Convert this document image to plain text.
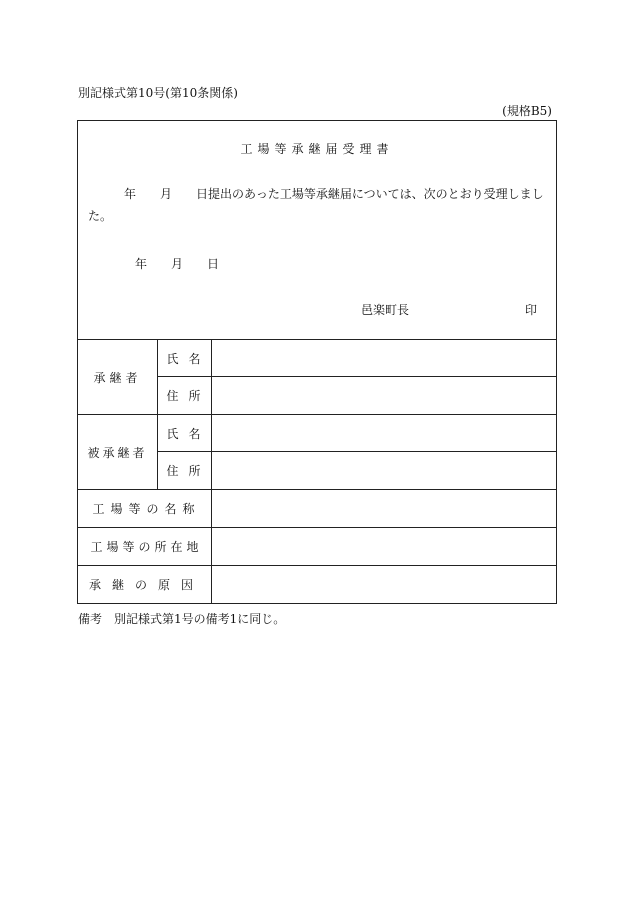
別記様式第10号(第10条関係)
(規格B5)
工場等承継届受理書
年　　月　　日提出のあった工場等承継届については、次のとおり受理しまし
た。
年　　月　　日
邑楽町長	印
承継者
氏名
住所
被承継者
氏名
住所
工場等の名称
工場等の所在地
承継の原因
備考　別記様式第1号の備考1に同じ。
